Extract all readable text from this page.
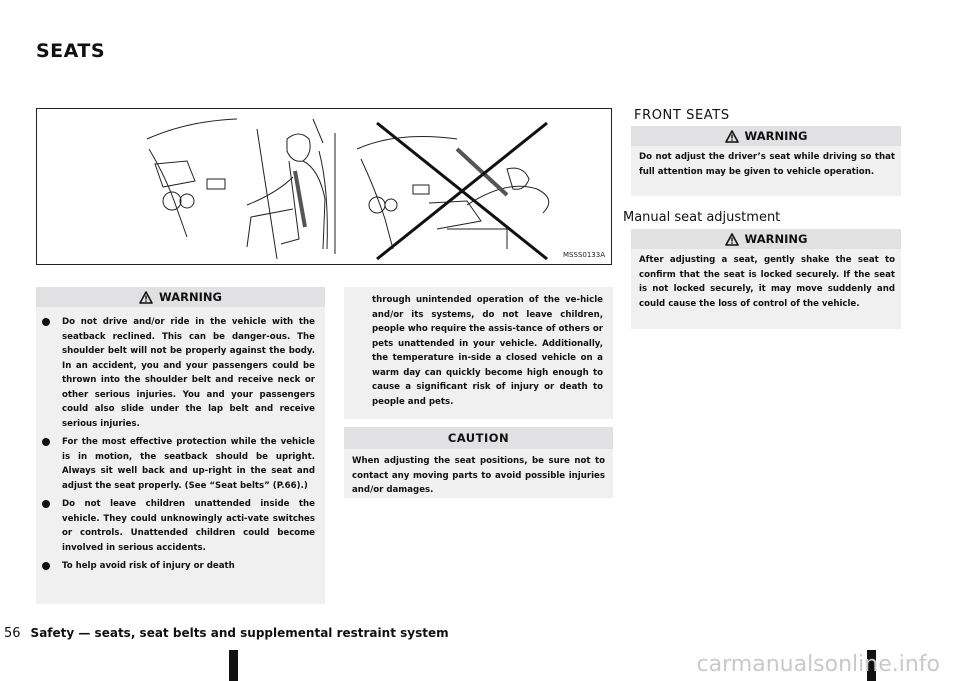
SEATS
MSSS0133A
WARNING
Do not drive and/or ride in the vehicle with the seatback reclined. This can be danger-ous. The shoulder belt will not be properly against the body. In an accident, you and your passengers could be thrown into the shoulder belt and receive neck or other serious injuries. You and your passengers could also slide under the lap belt and receive serious injuries.
For the most effective protection while the vehicle is in motion, the seatback should be upright. Always sit well back and up-right in the seat and adjust the seat properly. (See “Seat belts” (P.66).)
Do not leave children unattended inside the vehicle. They could unknowingly acti-vate switches or controls. Unattended children could become involved in serious accidents.
To help avoid risk of injury or death
through unintended operation of the ve-hicle and/or its systems, do not leave children, people who require the assis-tance of others or pets unattended in your vehicle. Additionally, the temperature in-side a closed vehicle on a warm day can quickly become high enough to cause a significant risk of injury or death to people and pets.
CAUTION
When adjusting the seat positions, be sure not to contact any moving parts to avoid possible injuries and/or damages.
FRONT SEATS
WARNING
Do not adjust the driver’s seat while driving so that full attention may be given to vehicle operation.
Manual seat adjustment
WARNING
After adjusting a seat, gently shake the seat to confirm that the seat is locked securely. If the seat is not locked securely, it may move suddenly and could cause the loss of control of the vehicle.
56 Safety — seats, seat belts and supplemental restraint system
carmanualsonline.info
